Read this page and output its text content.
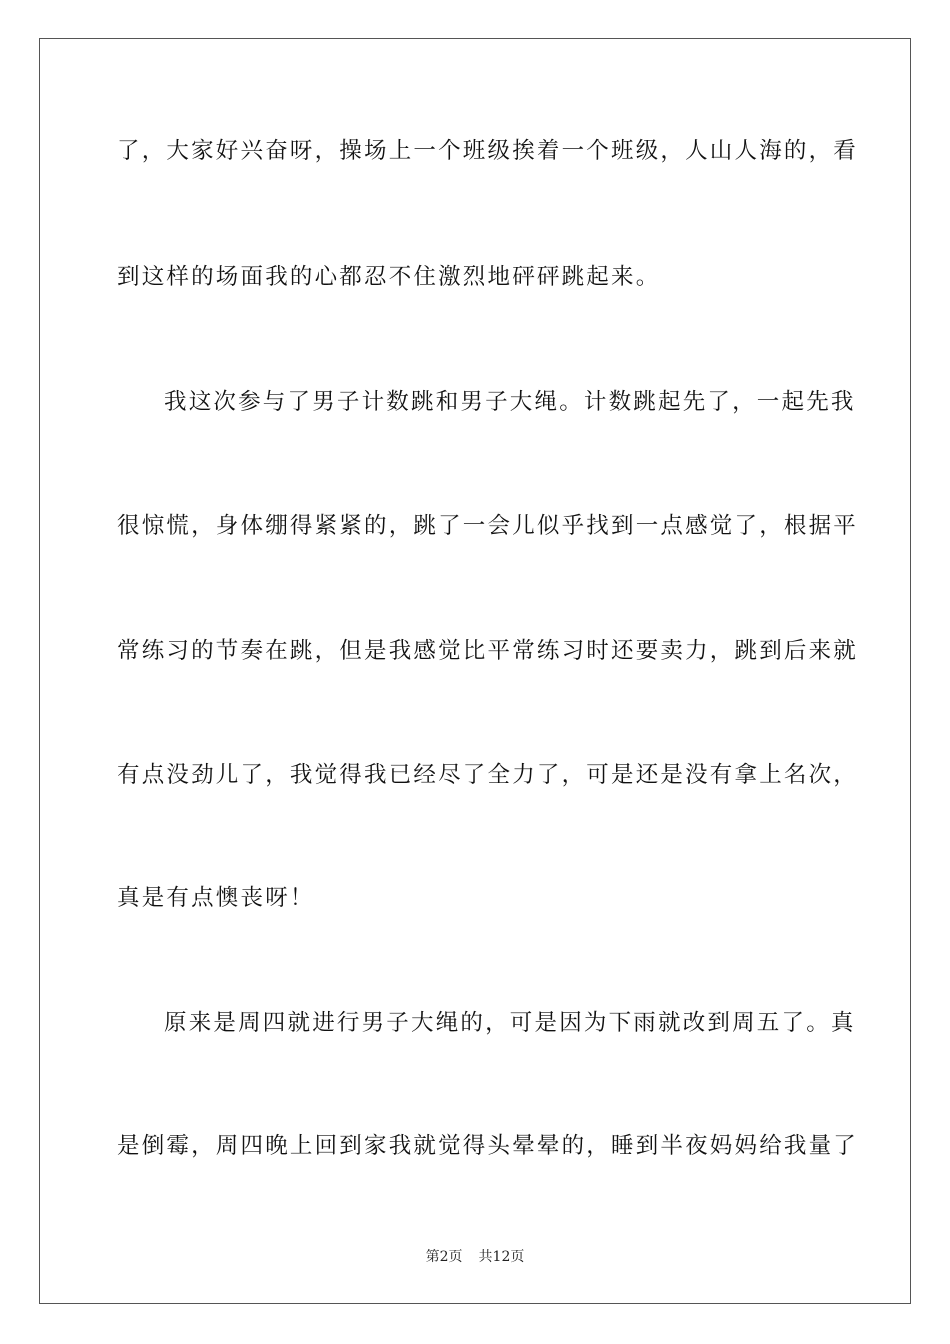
了，大家好兴奋呀，操场上一个班级挨着一个班级，人山人海的，看
到这样的场面我的心都忍不住激烈地砰砰跳起来。
我这次参与了男子计数跳和男子大绳。计数跳起先了，一起先我
很惊慌，身体绷得紧紧的，跳了一会儿似乎找到一点感觉了，根据平
常练习的节奏在跳，但是我感觉比平常练习时还要卖力，跳到后来就
有点没劲儿了，我觉得我已经尽了全力了，可是还是没有拿上名次，
真是有点懊丧呀！
原来是周四就进行男子大绳的，可是因为下雨就改到周五了。真
是倒霉，周四晚上回到家我就觉得头晕晕的，睡到半夜妈妈给我量了
第2页 共12页
